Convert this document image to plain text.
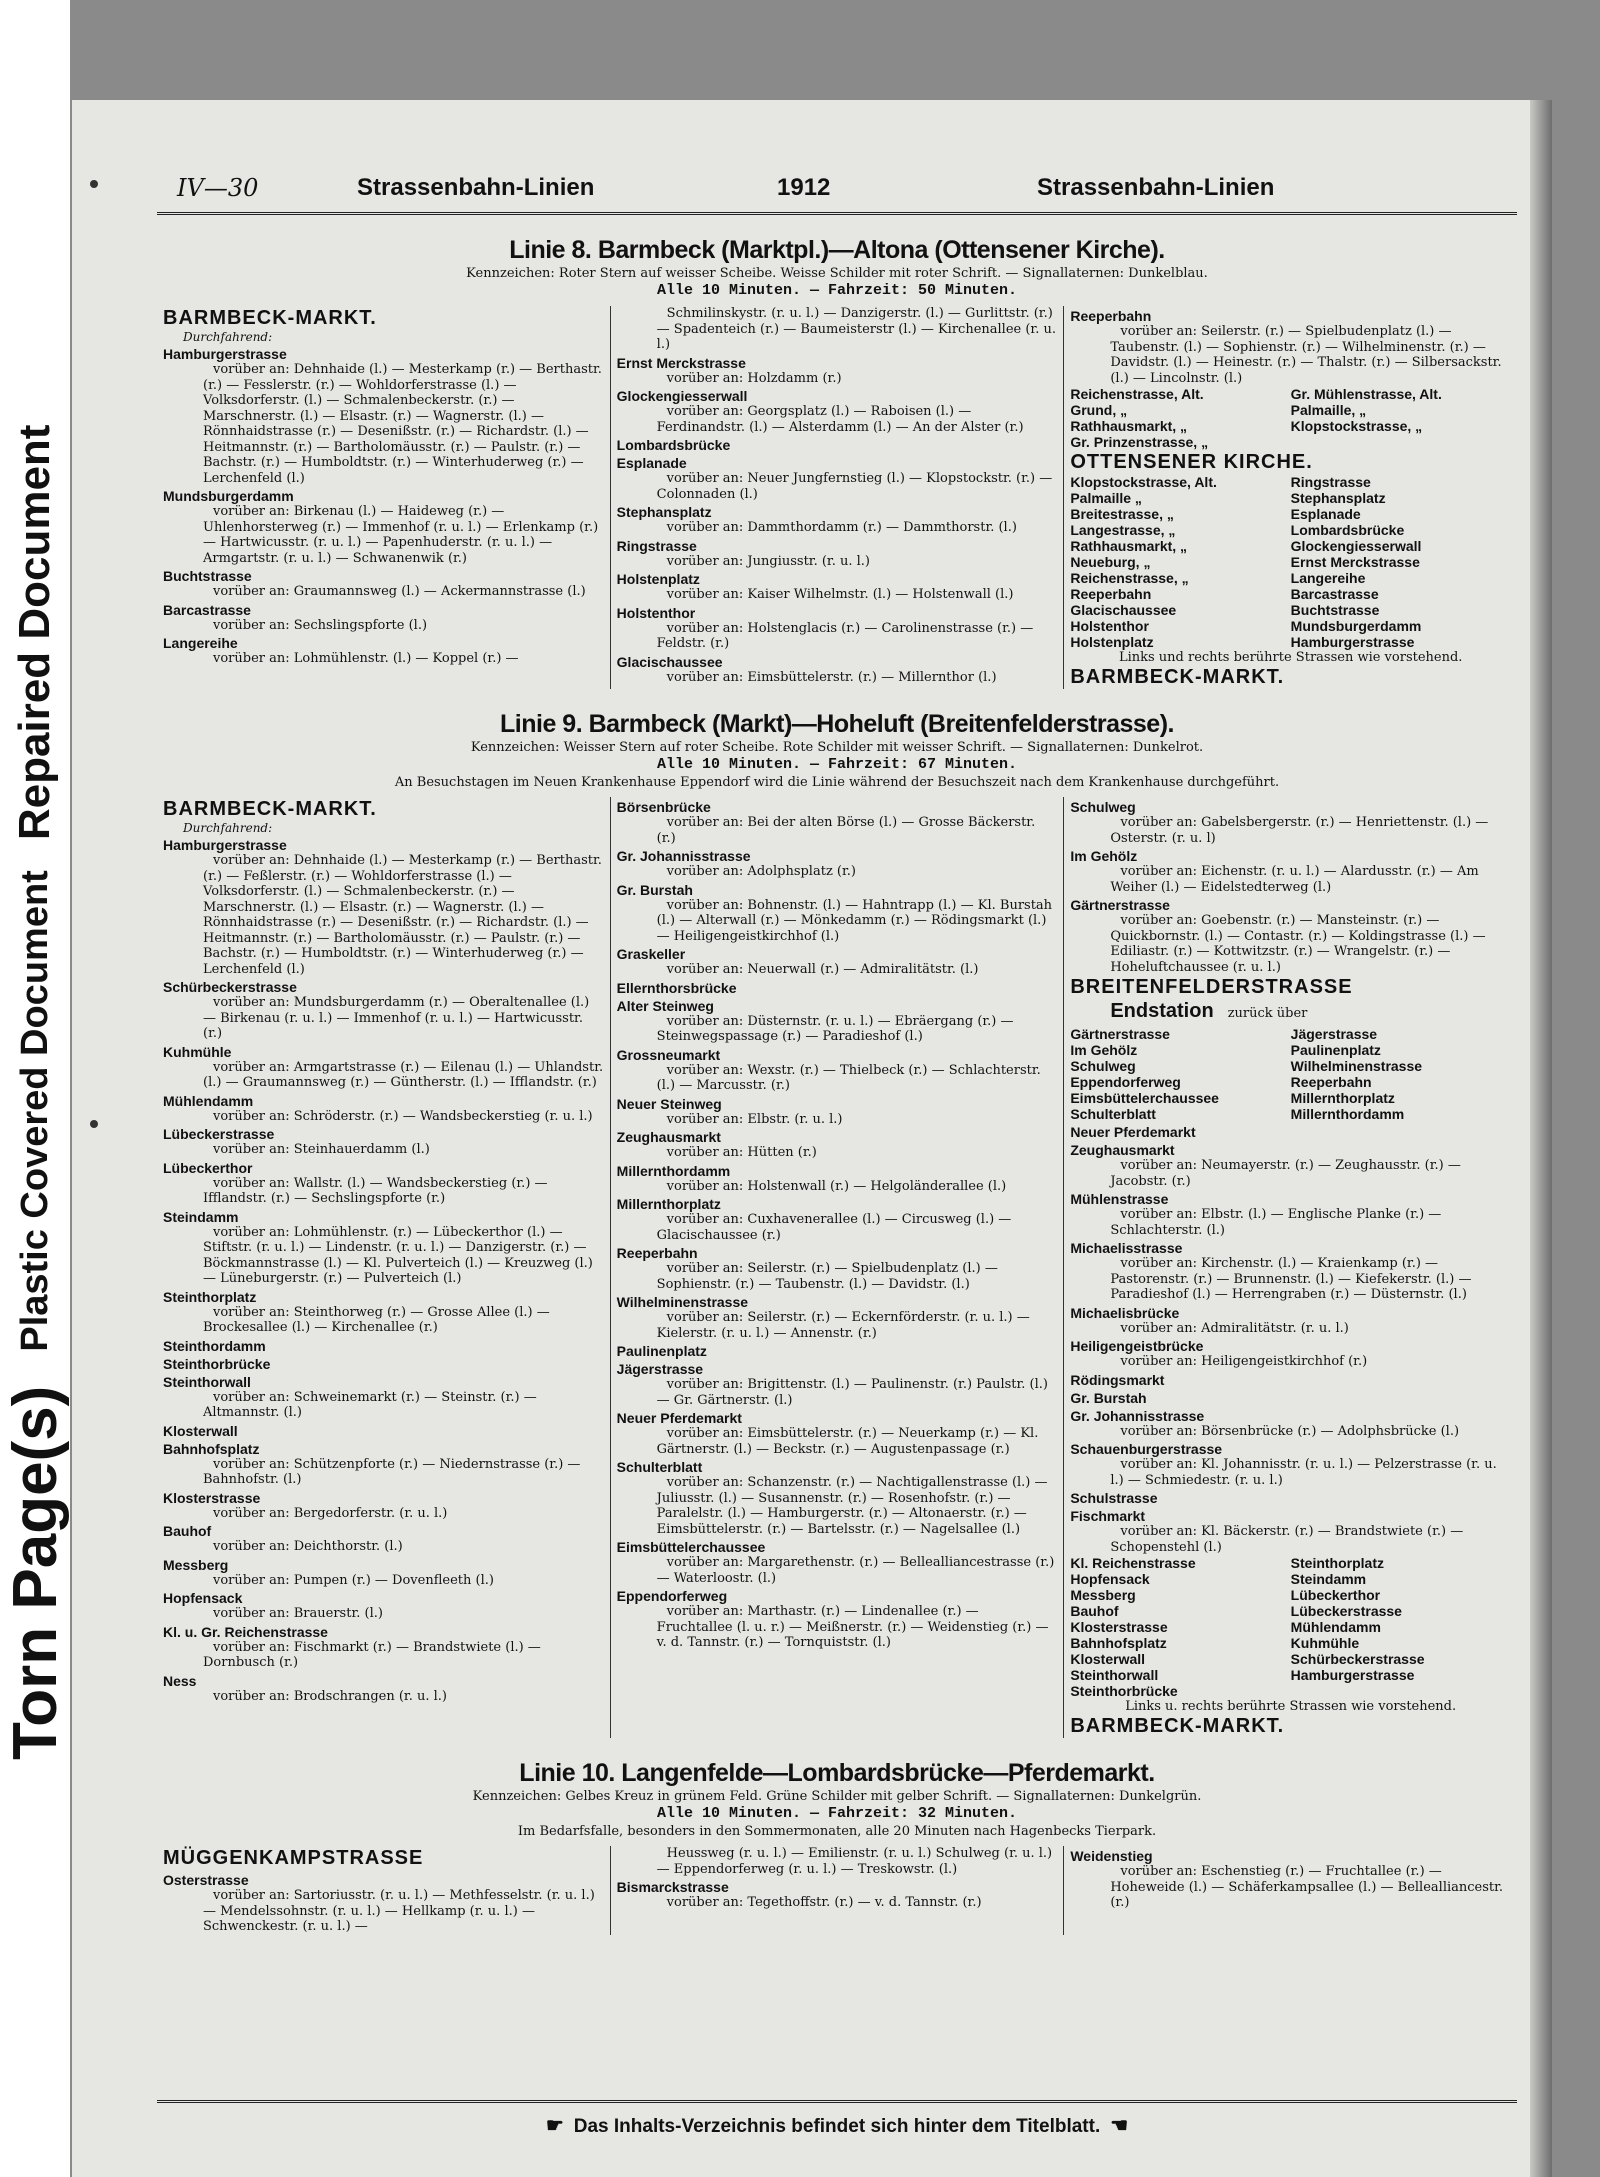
Torn Page(s)
Plastic Covered Document
Repaired Document
IV—30	Strassenbahn-Linien	1912	Strassenbahn-Linien
Linie 8. Barmbeck (Marktpl.)—Altona (Ottensener Kirche).
Kennzeichen: Roter Stern auf weisser Scheibe. Weisse Schilder mit roter Schrift. — Signallaternen: Dunkelblau.
Alle 10 Minuten. — Fahrzeit: 50 Minuten.
BARMBECK-MARKT.
Durchfahrend:
Hamburgerstrasse
vorüber an: Dehnhaide (l.) — Mesterkamp (r.) — Berthastr. (r.) — Fesslerstr. (r.) — Wohldorferstrasse (l.) — Volksdorferstr. (l.) — Schmalenbeckerstr. (r.) — Marschnerstr. (l.) — Elsastr. (r.) — Wagnerstr. (l.) — Rönnhaidstrasse (r.) — Desenißstr. (r.) — Richardstr. (l.) — Heitmannstr. (r.) — Bartholomäusstr. (r.) — Paulstr. (r.) — Bachstr. (r.) — Humboldtstr. (r.) — Winterhuderweg (r.) — Lerchenfeld (l.)
Mundsburgerdamm
vorüber an: Birkenau (l.) — Haideweg (r.) — Uhlenhorsterweg (r.) — Immenhof (r. u. l.) — Erlenkamp (r.) — Hartwicusstr. (r. u. l.) — Papenhuderstr. (r. u. l.) — Armgartstr. (r. u. l.) — Schwanenwik (r.)
Buchtstrasse
vorüber an: Graumannsweg (l.) — Ackermannstrasse (l.)
Barcastrasse
vorüber an: Sechslingspforte (l.)
Langereihe
vorüber an: Lohmühlenstr. (l.) — Koppel (r.) —
Schmilinskystr. (r. u. l.) — Danzigerstr. (l.) — Gurlittstr. (r.) — Spadenteich (r.) — Baumeisterstr (l.) — Kirchenallee (r. u. l.)
Ernst Merckstrasse
vorüber an: Holzdamm (r.)
Glockengiesserwall
vorüber an: Georgsplatz (l.) — Raboisen (l.) — Ferdinandstr. (l.) — Alsterdamm (l.) — An der Alster (r.)
Lombardsbrücke
Esplanade
vorüber an: Neuer Jungfernstieg (l.) — Klopstockstr. (r.) — Colonnaden (l.)
Stephansplatz
vorüber an: Dammthordamm (r.) — Dammthorstr. (l.)
Ringstrasse
vorüber an: Jungiusstr. (r. u. l.)
Holstenplatz
vorüber an: Kaiser Wilhelmstr. (l.) — Holstenwall (l.)
Holstenthor
vorüber an: Holstenglacis (r.) — Carolinenstrasse (r.) — Feldstr. (r.)
Glacischaussee
vorüber an: Eimsbüttelerstr. (r.) — Millernthor (l.)
Reeperbahn
vorüber an: Seilerstr. (r.) — Spielbudenplatz (l.) — Taubenstr. (l.) — Sophienstr. (r.) — Wilhelminenstr. (r.) — Davidstr. (l.) — Heinestr. (r.) — Thalstr. (r.) — Silbersackstr. (l.) — Lincolnstr. (l.)
Reichenstrasse, Alt.	Gr. Mühlenstrasse, Alt.
Grund, „	Palmaille, „
Rathhausmarkt, „	Klopstockstrasse, „
Gr. Prinzenstrasse, „
OTTENSENER KIRCHE.
Klopstockstrasse, Alt.	Ringstrasse
Palmaille „	Stephansplatz
Breitestrasse, „	Esplanade
Langestrasse, „	Lombardsbrücke
Rathhausmarkt, „	Glockengiesserwall
Neueburg, „	Ernst Merckstrasse
Reichenstrasse, „	Langereihe
Reeperbahn	Barcastrasse
Glacischaussee	Buchtstrasse
Holstenthor	Mundsburgerdamm
Holstenplatz	Hamburgerstrasse
Links und rechts berührte Strassen wie vorstehend.
BARMBECK-MARKT.
Linie 9. Barmbeck (Markt)—Hoheluft (Breitenfelderstrasse).
Kennzeichen: Weisser Stern auf roter Scheibe. Rote Schilder mit weisser Schrift. — Signallaternen: Dunkelrot.
Alle 10 Minuten. — Fahrzeit: 67 Minuten.
An Besuchstagen im Neuen Krankenhause Eppendorf wird die Linie während der Besuchszeit nach dem Krankenhause durchgeführt.
BARMBECK-MARKT.
Durchfahrend:
Hamburgerstrasse
vorüber an: Dehnhaide (l.) — Mesterkamp (r.) — Berthastr. (r.) — Feßlerstr. (r.) — Wohldorferstrasse (l.) — Volksdorferstr. (l.) — Schmalenbeckerstr. (r.) — Marschnerstr. (l.) — Elsastr. (r.) — Wagnerstr. (l.) — Rönnhaidstrasse (r.) — Desenißstr. (r.) — Richardstr. (l.) — Heitmannstr. (r.) — Bartholomäusstr. (r.) — Paulstr. (r.) — Bachstr. (r.) — Humboldtstr. (r.) — Winterhuderweg (r.) — Lerchenfeld (l.)
Schürbeckerstrasse
vorüber an: Mundsburgerdamm (r.) — Oberaltenallee (l.) — Birkenau (r. u. l.) — Immenhof (r. u. l.) — Hartwicusstr. (r.)
Kuhmühle
vorüber an: Armgartstrasse (r.) — Eilenau (l.) — Uhlandstr. (l.) — Graumannsweg (r.) — Güntherstr. (l.) — Ifflandstr. (r.)
Mühlendamm
vorüber an: Schröderstr. (r.) — Wandsbeckerstieg (r. u. l.)
Lübeckerstrasse
vorüber an: Steinhauerdamm (l.)
Lübeckerthor
vorüber an: Wallstr. (l.) — Wandsbeckerstieg (r.) — Ifflandstr. (r.) — Sechslingspforte (r.)
Steindamm
vorüber an: Lohmühlenstr. (r.) — Lübeckerthor (l.) — Stiftstr. (r. u. l.) — Lindenstr. (r. u. l.) — Danzigerstr. (r.) — Böckmannstrasse (l.) — Kl. Pulverteich (l.) — Kreuzweg (l.) — Lüneburgerstr. (r.) — Pulverteich (l.)
Steinthorplatz
vorüber an: Steinthorweg (r.) — Grosse Allee (l.) — Brockesallee (l.) — Kirchenallee (r.)
Steinthordamm
Steinthorbrücke
Steinthorwall
vorüber an: Schweinemarkt (r.) — Steinstr. (r.) — Altmannstr. (l.)
Klosterwall
Bahnhofsplatz
vorüber an: Schützenpforte (r.) — Niedernstrasse (r.) — Bahnhofstr. (l.)
Klosterstrasse
vorüber an: Bergedorferstr. (r. u. l.)
Bauhof
vorüber an: Deichthorstr. (l.)
Messberg
vorüber an: Pumpen (r.) — Dovenfleeth (l.)
Hopfensack
vorüber an: Brauerstr. (l.)
Kl. u. Gr. Reichenstrasse
vorüber an: Fischmarkt (r.) — Brandstwiete (l.) — Dornbusch (r.)
Ness
vorüber an: Brodschrangen (r. u. l.)
Börsenbrücke
vorüber an: Bei der alten Börse (l.) — Grosse Bäckerstr. (r.)
Gr. Johannisstrasse
vorüber an: Adolphsplatz (r.)
Gr. Burstah
vorüber an: Bohnenstr. (l.) — Hahntrapp (l.) — Kl. Burstah (l.) — Alterwall (r.) — Mönkedamm (r.) — Rödingsmarkt (l.) — Heiligengeistkirchhof (l.)
Graskeller
vorüber an: Neuerwall (r.) — Admiralitätstr. (l.)
Ellernthorsbrücke
Alter Steinweg
vorüber an: Düsternstr. (r. u. l.) — Ebräergang (r.) — Steinwegspassage (r.) — Paradieshof (l.)
Grossneumarkt
vorüber an: Wexstr. (r.) — Thielbeck (r.) — Schlachterstr. (l.) — Marcusstr. (r.)
Neuer Steinweg
vorüber an: Elbstr. (r. u. l.)
Zeughausmarkt
vorüber an: Hütten (r.)
Millernthordamm
vorüber an: Holstenwall (r.) — Helgoländerallee (l.)
Millernthorplatz
vorüber an: Cuxhavenerallee (l.) — Circusweg (l.) — Glacischaussee (r.)
Reeperbahn
vorüber an: Seilerstr. (r.) — Spielbudenplatz (l.) — Sophienstr. (r.) — Taubenstr. (l.) — Davidstr. (l.)
Wilhelminenstrasse
vorüber an: Seilerstr. (r.) — Eckernförderstr. (r. u. l.) — Kielerstr. (r. u. l.) — Annenstr. (r.)
Paulinenplatz
Jägerstrasse
vorüber an: Brigittenstr. (l.) — Paulinenstr. (r.) Paulstr. (l.) — Gr. Gärtnerstr. (l.)
Neuer Pferdemarkt
vorüber an: Eimsbüttelerstr. (r.) — Neuerkamp (r.) — Kl. Gärtnerstr. (l.) — Beckstr. (r.) — Augustenpassage (r.)
Schulterblatt
vorüber an: Schanzenstr. (r.) — Nachtigallenstrasse (l.) — Juliusstr. (l.) — Susannenstr. (r.) — Rosenhofstr. (r.) — Paralelstr. (l.) — Hamburgerstr. (r.) — Altonaerstr. (r.) — Eimsbüttelerstr. (r.) — Bartelsstr. (r.) — Nagelsallee (l.)
Eimsbüttelerchaussee
vorüber an: Margarethenstr. (r.) — Bellealliancestrasse (r.) — Waterloostr. (l.)
Eppendorferweg
vorüber an: Marthastr. (r.) — Lindenallee (r.) — Fruchtallee (l. u. r.) — Meißnerstr. (r.) — Weidenstieg (r.) — v. d. Tannstr. (r.) — Tornquiststr. (l.)
Schulweg
vorüber an: Gabelsbergerstr. (r.) — Henriettenstr. (l.) — Osterstr. (r. u. l)
Im Gehölz
vorüber an: Eichenstr. (r. u. l.) — Alardusstr. (r.) — Am Weiher (l.) — Eidelstedterweg (l.)
Gärtnerstrasse
vorüber an: Goebenstr. (r.) — Mansteinstr. (r.) — Quickbornstr. (l.) — Contastr. (r.) — Koldingstrasse (l.) — Ediliastr. (r.) — Kottwitzstr. (r.) — Wrangelstr. (r.) — Hoheluftchaussee (r. u. l.)
BREITENFELDERSTRASSE
Endstation zurück über
Gärtnerstrasse	Jägerstrasse
Im Gehölz	Paulinenplatz
Schulweg	Wilhelminenstrasse
Eppendorferweg	Reeperbahn
Eimsbüttelerchaussee	Millernthorplatz
Schulterblatt	Millernthordamm
Neuer Pferdemarkt
Zeughausmarkt
vorüber an: Neumayerstr. (r.) — Zeughausstr. (r.) — Jacobstr. (r.)
Mühlenstrasse
vorüber an: Elbstr. (l.) — Englische Planke (r.) — Schlachterstr. (l.)
Michaelisstrasse
vorüber an: Kirchenstr. (l.) — Kraienkamp (r.) — Pastorenstr. (r.) — Brunnenstr. (l.) — Kiefekerstr. (l.) — Paradieshof (l.) — Herrengraben (r.) — Düsternstr. (l.)
Michaelisbrücke
vorüber an: Admiralitätstr. (r. u. l.)
Heiligengeistbrücke
vorüber an: Heiligengeistkirchhof (r.)
Rödingsmarkt
Gr. Burstah
Gr. Johannisstrasse
vorüber an: Börsenbrücke (r.) — Adolphsbrücke (l.)
Schauenburgerstrasse
vorüber an: Kl. Johannisstr. (r. u. l.) — Pelzerstrasse (r. u. l.) — Schmiedestr. (r. u. l.)
Schulstrasse
Fischmarkt
vorüber an: Kl. Bäckerstr. (r.) — Brandstwiete (r.) — Schopenstehl (l.)
Kl. Reichenstrasse	Steinthorplatz
Hopfensack	Steindamm
Messberg	Lübeckerthor
Bauhof	Lübeckerstrasse
Klosterstrasse	Mühlendamm
Bahnhofsplatz	Kuhmühle
Klosterwall	Schürbeckerstrasse
Steinthorwall	Hamburgerstrasse
Steinthorbrücke
Links u. rechts berührte Strassen wie vorstehend.
BARMBECK-MARKT.
Linie 10. Langenfelde—Lombardsbrücke—Pferdemarkt.
Kennzeichen: Gelbes Kreuz in grünem Feld. Grüne Schilder mit gelber Schrift. — Signallaternen: Dunkelgrün.
Alle 10 Minuten. — Fahrzeit: 32 Minuten.
Im Bedarfsfalle, besonders in den Sommermonaten, alle 20 Minuten nach Hagenbecks Tierpark.
MÜGGENKAMPSTRASSE
Osterstrasse
vorüber an: Sartoriusstr. (r. u. l.) — Methfesselstr. (r. u. l.) — Mendelssohnstr. (r. u. l.) — Hellkamp (r. u. l.) — Schwenckestr. (r. u. l.) —
Heussweg (r. u. l.) — Emilienstr. (r. u. l.) Schulweg (r. u. l.) — Eppendorferweg (r. u. l.) — Treskowstr. (l.)
Bismarckstrasse
vorüber an: Tegethoffstr. (r.) — v. d. Tannstr. (r.)
Weidenstieg
vorüber an: Eschenstieg (r.) — Fruchtallee (r.) — Hoheweide (l.) — Schäferkampsallee (l.) — Bellealliancestr. (r.)
☛ Das Inhalts-Verzeichnis befindet sich hinter dem Titelblatt. ☚
